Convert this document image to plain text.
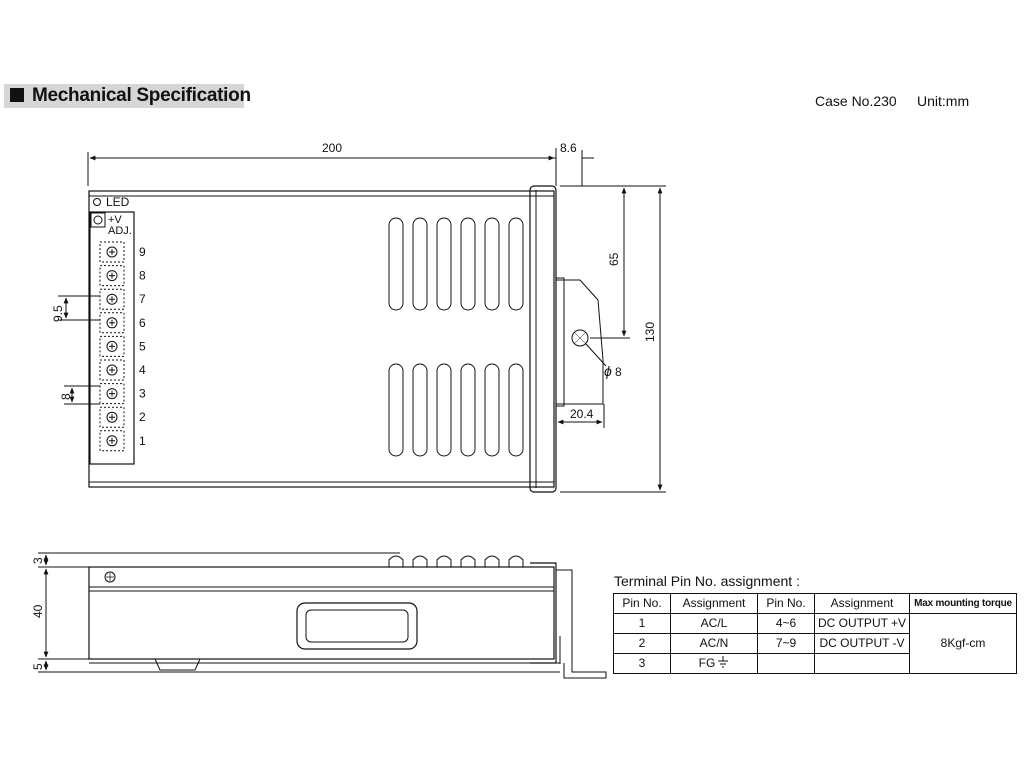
Mechanical Specification	Case No.230 Unit:mm
200	8.6
65
130
ϕ 8
20.4
9.5
8
LED
+V
ADJ.
9
8
7
6
5
4
3
2
1
3
40
5
Terminal Pin No. assignment :
Pin No.	Assignment	Pin No.	Assignment	Max mounting torque
1	AC/L	4~6	DC OUTPUT +V	8Kgf-cm
2	AC/N	7~9	DC OUTPUT -V	
3	FG			
